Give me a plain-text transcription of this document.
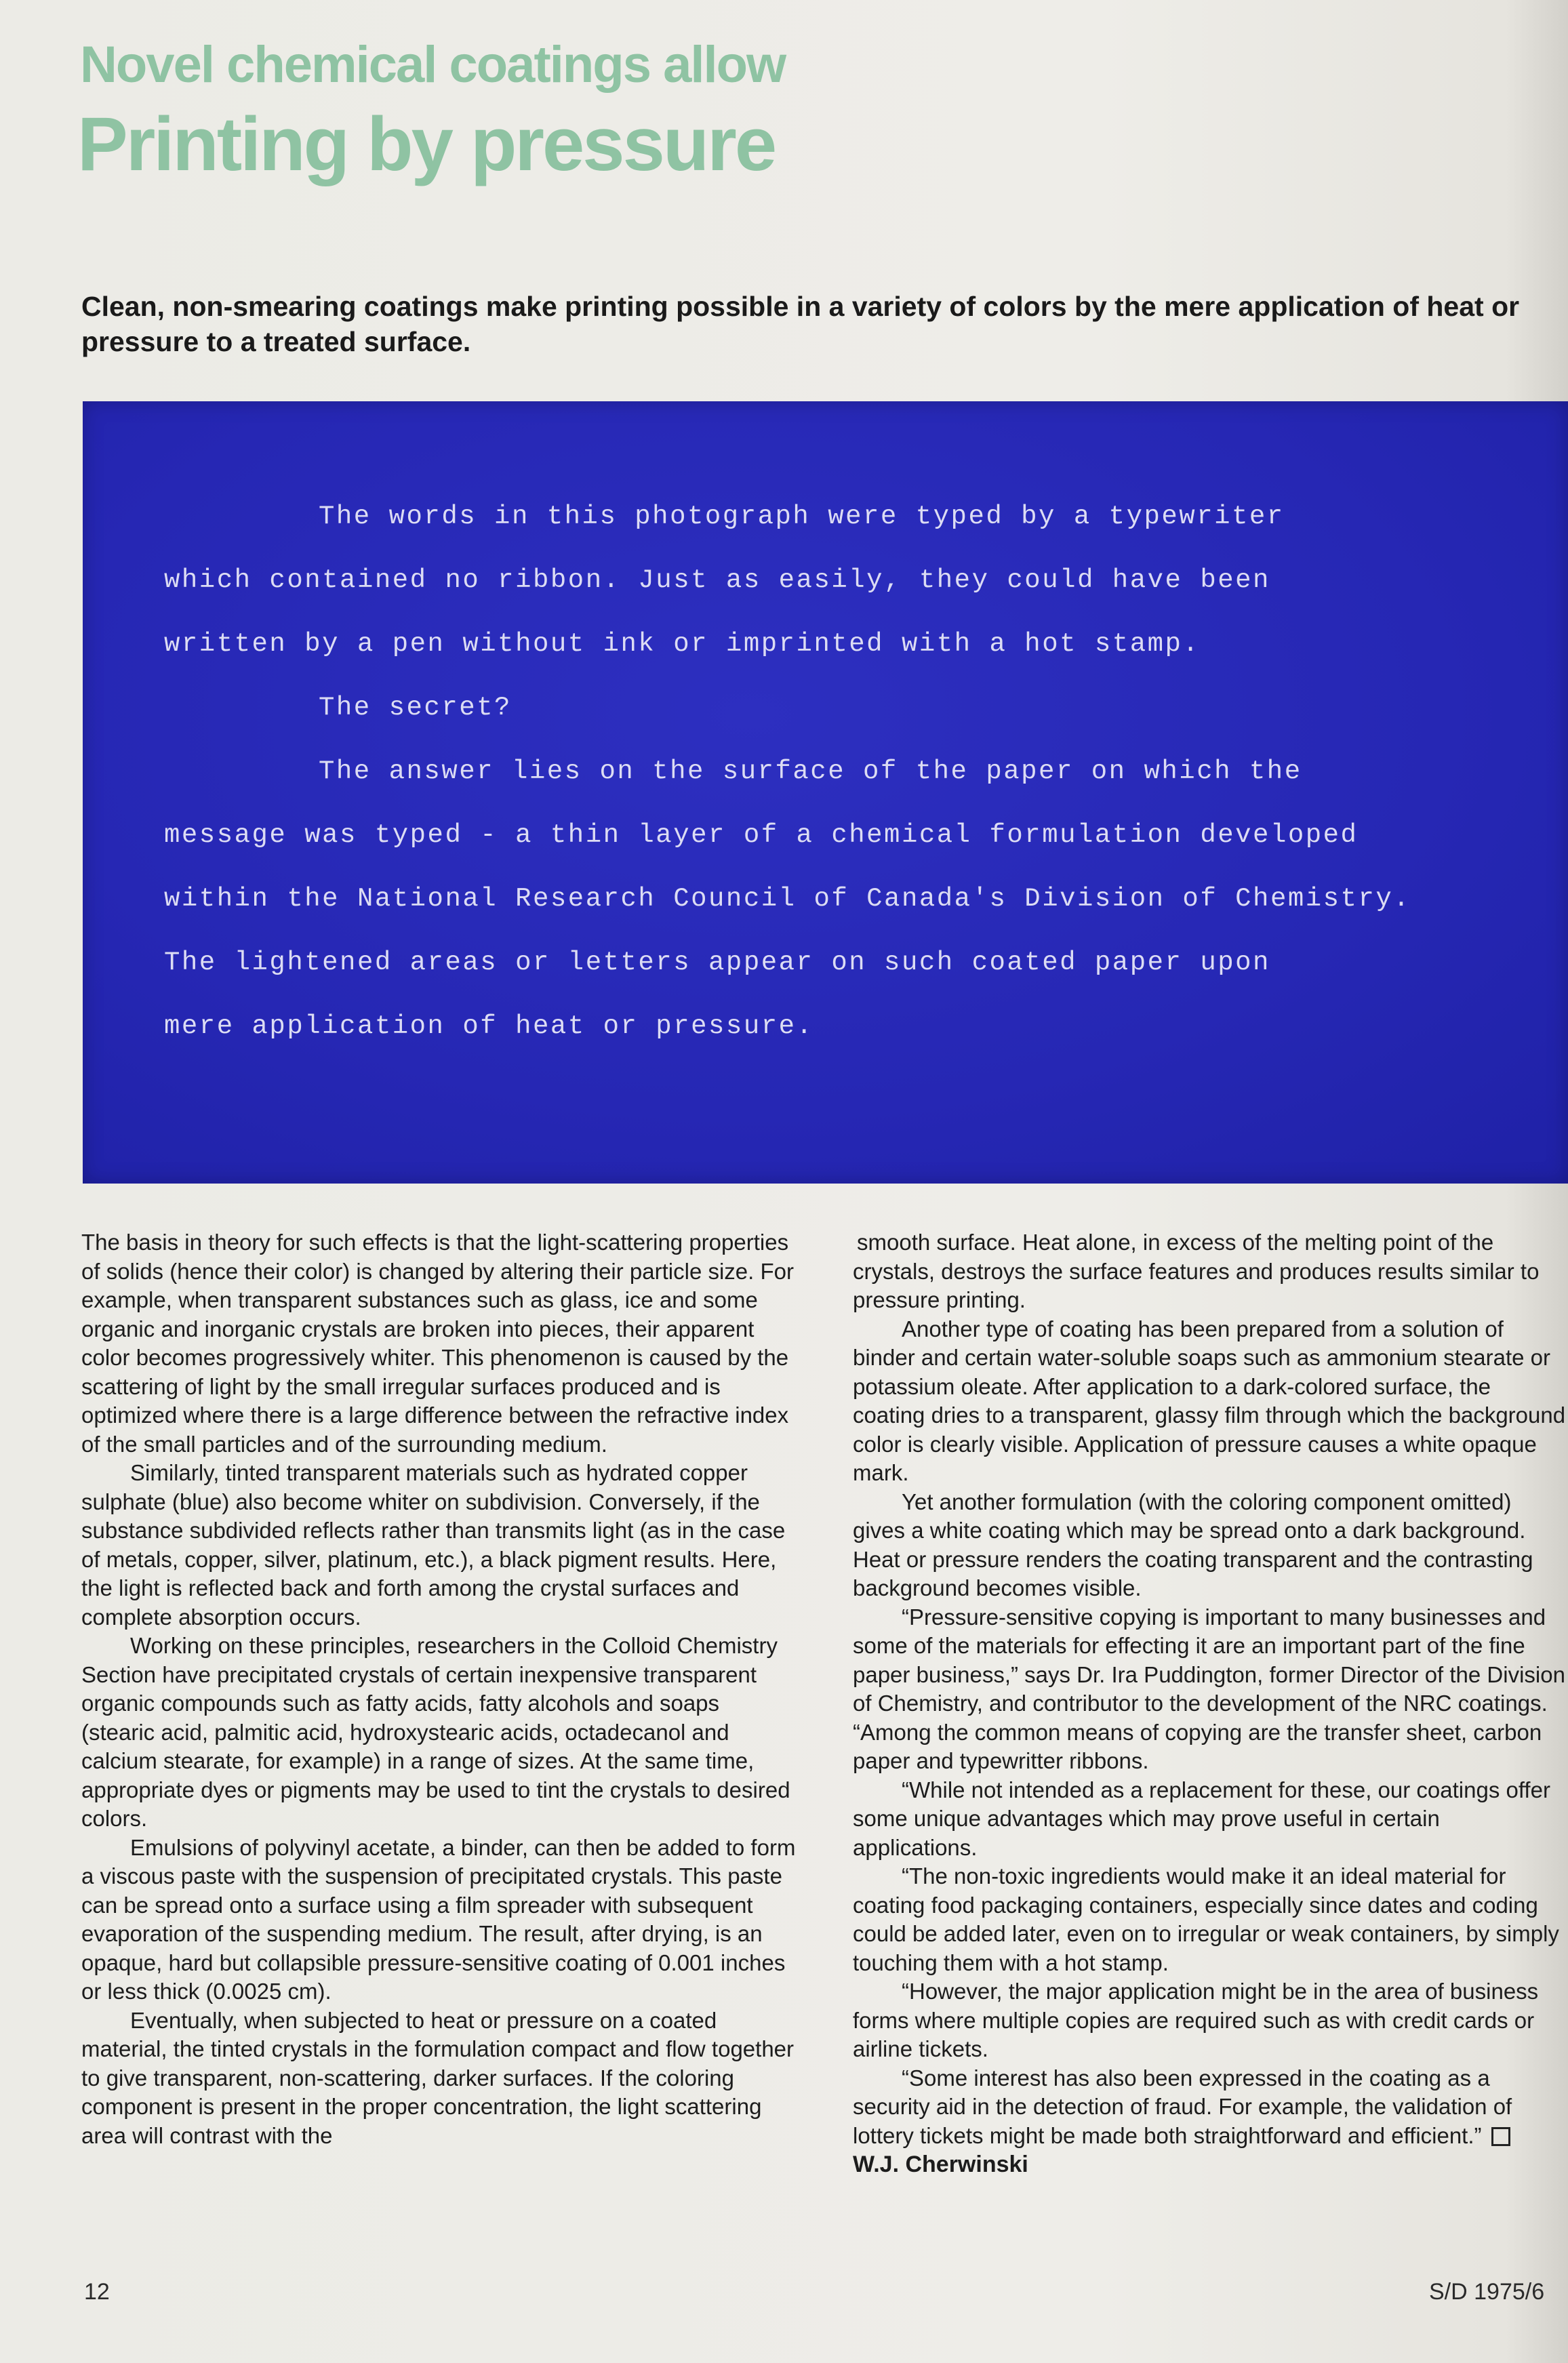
Novel chemical coatings allow
Printing by pressure

Clean, non-smearing coatings make printing possible in a variety of colors by the mere application of heat or pressure to a treated surface.

The words in this photograph were typed by a typewriter

which contained no ribbon. Just as easily, they could have been

written by a pen without ink or imprinted with a hot stamp.

The secret?

The answer lies on the surface of the paper on which the

message was typed - a thin layer of a chemical formulation developed

within the National Research Council of Canada's Division of Chemistry.

The lightened areas or letters appear on such coated paper upon

mere application of heat or pressure.

The basis in theory for such effects is that the light-scattering properties of solids (hence their color) is changed by altering their particle size. For example, when transparent substances such as glass, ice and some organic and inorganic crystals are broken into pieces, their apparent color becomes progressively whiter. This phenomenon is caused by the scattering of light by the small irregular surfaces produced and is optimized where there is a large difference between the refractive index of the small particles and of the surrounding medium.

Similarly, tinted transparent materials such as hydrated copper sulphate (blue) also become whiter on subdivision. Conversely, if the substance subdivided reflects rather than transmits light (as in the case of metals, copper, silver, platinum, etc.), a black pigment results. Here, the light is reflected back and forth among the crystal surfaces and complete absorption occurs.

Working on these principles, researchers in the Colloid Chemistry Section have precipitated crystals of certain inexpensive transparent organic compounds such as fatty acids, fatty alcohols and soaps (stearic acid, palmitic acid, hydroxystearic acids, octadecanol and calcium stearate, for example) in a range of sizes. At the same time, appropriate dyes or pigments may be used to tint the crystals to desired colors.

Emulsions of polyvinyl acetate, a binder, can then be added to form a viscous paste with the suspension of precipitated crystals. This paste can be spread onto a surface using a film spreader with subsequent evaporation of the suspending medium. The result, after drying, is an opaque, hard but collapsible pressure-sensitive coating of 0.001 inches or less thick (0.0025 cm).

Eventually, when subjected to heat or pressure on a coated material, the tinted crystals in the formulation compact and flow together to give transparent, non-scattering, darker surfaces. If the coloring component is present in the proper concentration, the light scattering area will contrast with the

smooth surface. Heat alone, in excess of the melting point of the crystals, destroys the surface features and produces results similar to pressure printing.

Another type of coating has been prepared from a solution of binder and certain water-soluble soaps such as ammonium stearate or potassium oleate. After application to a dark-colored surface, the coating dries to a transparent, glassy film through which the background color is clearly visible. Application of pressure causes a white opaque mark.

Yet another formulation (with the coloring component omitted) gives a white coating which may be spread onto a dark background. Heat or pressure renders the coating transparent and the contrasting background becomes visible.

“Pressure-sensitive copying is important to many businesses and some of the materials for effecting it are an important part of the fine paper business,” says Dr. Ira Puddington, former Director of the Division of Chemistry, and contributor to the development of the NRC coatings. “Among the common means of copying are the transfer sheet, carbon paper and typewritter ribbons.

“While not intended as a replacement for these, our coatings offer some unique advantages which may prove useful in certain applications.

“The non-toxic ingredients would make it an ideal material for coating food packaging containers, especially since dates and coding could be added later, even on to irregular or weak containers, by simply touching them with a hot stamp.

“However, the major application might be in the area of business forms where multiple copies are required such as with credit cards or airline tickets.

“Some interest has also been expressed in the coating as a security aid in the detection of fraud. For example, the validation of lottery tickets might be made both straightforward and efficient.”

W.J. Cherwinski

12	S/D 1975/6
